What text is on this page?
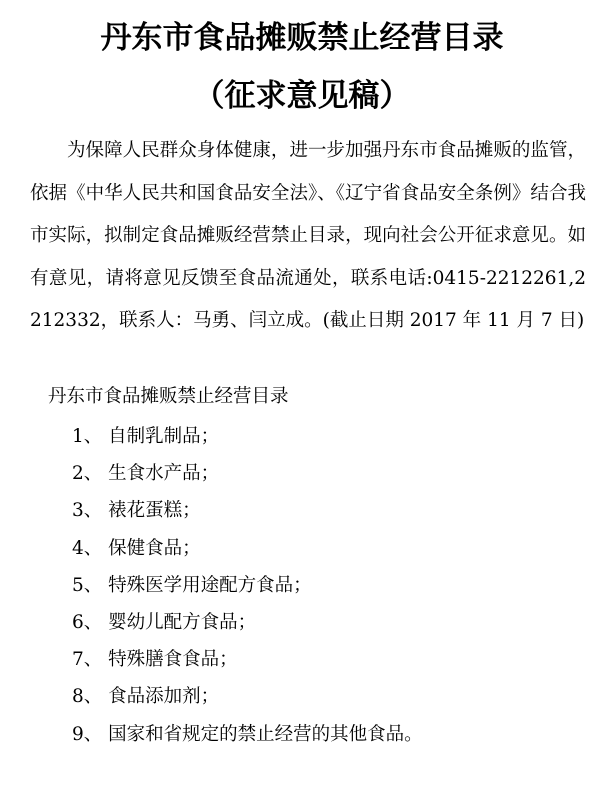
丹东市食品摊贩禁止经营目录
（征求意见稿）

为保障人民群众身体健康，进一步加强丹东市食品摊贩的监管，依据《中华人民共和国食品安全法》、《辽宁省食品安全条例》结合我市实际，拟制定食品摊贩经营禁止目录，现向社会公开征求意见。如有意见，请将意见反馈至食品流通处，联系电话:0415-2212261,2212332，联系人：马勇、闫立成。(截止日期 2017 年 11 月 7 日)

丹东市食品摊贩禁止经营目录

1、 自制乳制品；
2、 生食水产品；
3、 裱花蛋糕；
4、 保健食品；
5、 特殊医学用途配方食品；
6、 婴幼儿配方食品；
7、 特殊膳食食品；
8、 食品添加剂；
9、 国家和省规定的禁止经营的其他食品。
